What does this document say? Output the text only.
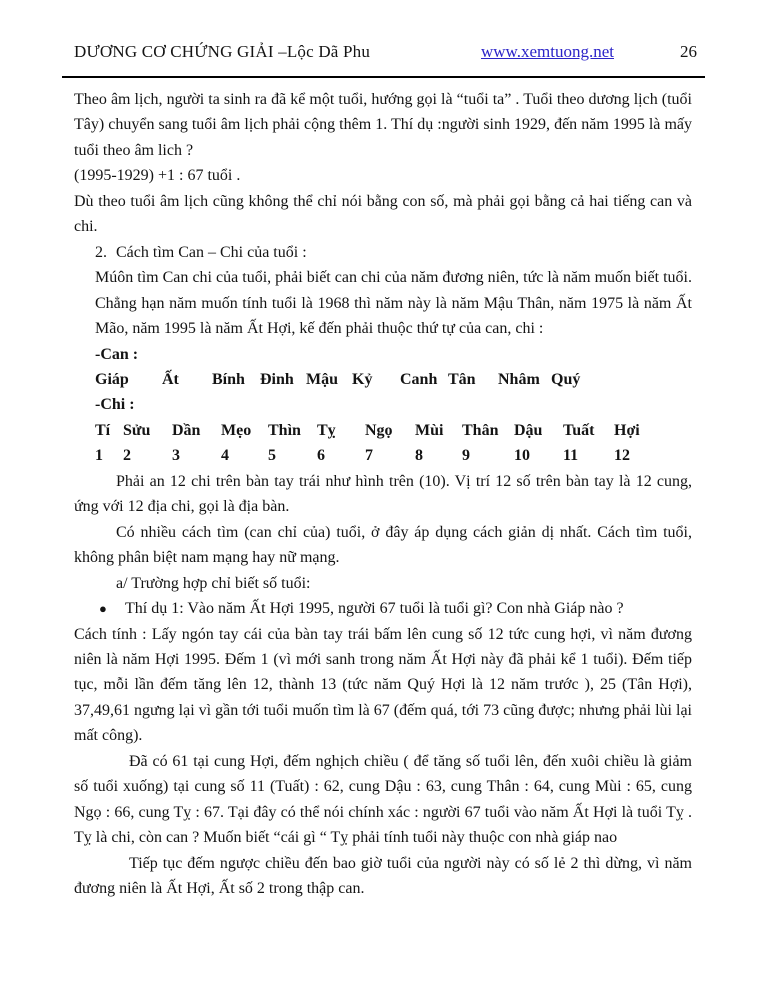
DƯƠNG CƠ CHỨNG GIẢI –Lộc Dã Phu	www.xemtuong.net	26

Theo âm lịch, người ta sinh ra đã kể một tuổi, hướng gọi là “tuổi ta” . Tuổi theo dương lịch (tuổi Tây) chuyển sang tuổi âm lịch phải cộng thêm 1. Thí dụ :người sinh 1929, đến năm 1995 là mấy tuổi theo âm lich ?

(1995-1929) +1 : 67 tuổi .

Dù theo tuổi âm lịch cũng không thể chỉ nói bằng con số, mà phải gọi bằng cả hai tiếng can và chi.

2. Cách tìm Can – Chi của tuổi :

Múôn tìm Can chi của tuổi, phải biết can chi của năm đương niên, tức là năm muốn biết tuổi. Chẳng hạn năm muốn tính tuổi là 1968 thì năm này là năm Mậu Thân, năm 1975 là năm Ất Mão, năm 1995 là năm Ất Hợi, kế đến phải thuộc thứ tự của can, chi :

-Can :

Giáp Ất Bính Đinh Mậu Kỷ Canh Tân Nhâm Quý

-Chi :

Tí Sửu Dần Mẹo Thìn Tỵ Ngọ Mùi Thân Dậu Tuất Hợi

1 2	3	4 5	6	7	8 9	10 11 12

Phải an 12 chi trên bàn tay trái như hình trên (10). Vị trí 12 số trên bàn tay là 12 cung, ứng với 12 địa chi, gọi là địa bàn.

Có nhiều cách tìm (can chỉ của) tuổi, ở đây áp dụng cách giản dị nhất. Cách tìm tuổi, không phân biệt nam mạng hay nữ mạng.

a/ Trường hợp chỉ biết số tuổi:

●	Thí dụ 1: Vào năm Ất Hợi 1995, người 67 tuổi là tuổi gì? Con nhà Giáp nào ?

Cách tính : Lấy ngón tay cái của bàn tay trái bấm lên cung số 12 tức cung hợi, vì năm đương niên là năm Hợi 1995. Đếm 1 (vì mới sanh trong năm Ất Hợi này đã phải kể 1 tuổi). Đếm tiếp tục, mỗi lần đếm tăng lên 12, thành 13 (tức năm Quý Hợi là 12 năm trước ), 25 (Tân Hợi), 37,49,61 ngưng lại vì gần tới tuổi muốn tìm là 67 (đếm quá, tới 73 cũng được; nhưng phải lùi lại mất công).

Đã có 61 tại cung Hợi, đếm nghịch chiều ( để tăng số tuổi lên, đến xuôi chiều là giảm số tuổi xuống) tại cung số 11 (Tuất) : 62, cung Dậu : 63, cung Thân : 64, cung Mùi : 65, cung Ngọ : 66, cung Tỵ : 67. Tại đây có thể nói chính xác : người 67 tuổi vào năm Ất Hợi là tuổi Tỵ . Tỵ là chi, còn can ? Muốn biết “cái gì “ Tỵ phải tính tuổi này thuộc con nhà giáp nao

Tiếp tục đếm ngược chiều đến bao giờ tuổi của người này có số lẻ 2 thì dừng, vì năm đương niên là Ất Hợi, Ất số 2 trong thập can.
